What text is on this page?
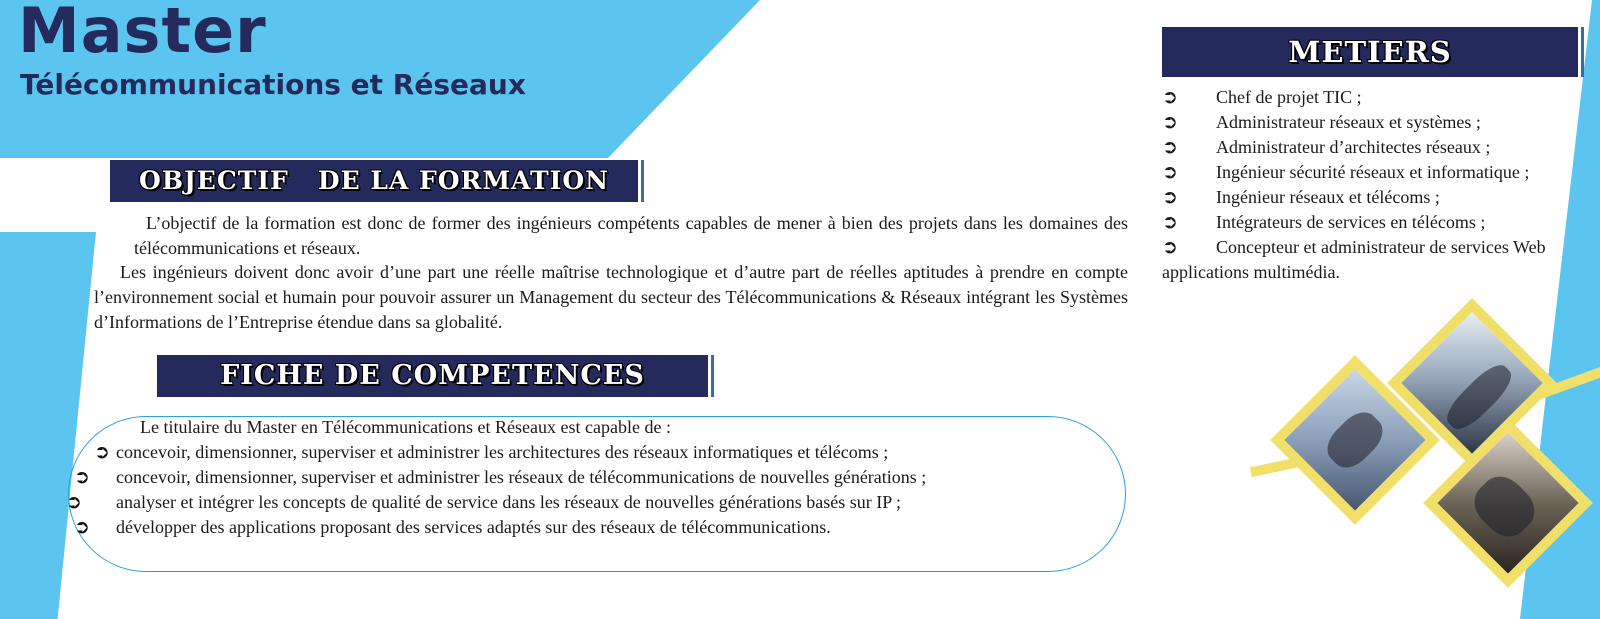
Master
Télécommunications et Réseaux
OBJECTIF   DE LA FORMATION

L’objectif de la formation est donc de former des ingénieurs compétents capables de mener à bien des projets dans les domaines des télécommunications et réseaux.

Les ingénieurs doivent donc avoir d’une part une réelle maîtrise technologique et d’autre part de réelles aptitudes à prendre en compte l’environnement social et humain pour pouvoir assurer un Management du secteur des Télécommunications & Réseaux intégrant les Systèmes d’Informations de l’Entreprise étendue dans sa globalité.

FICHE DE COMPETENCES

Le titulaire du Master en Télécommunications et Réseaux est capable de :

➲ concevoir, dimensionner, superviser et administrer les architectures des réseaux informatiques et télécoms ;
➲ concevoir, dimensionner, superviser et administrer les réseaux de télécommunications de nouvelles générations ;
➲ analyser et intégrer les concepts de qualité de service dans les réseaux de nouvelles générations basés sur IP ;
➲ développer des applications proposant des services adaptés sur des réseaux de télécommunications.
METIERS
➲ Chef de projet TIC ;
➲ Administrateur réseaux et systèmes ;
➲ Administrateur d’architectes réseaux ;
➲ Ingénieur sécurité réseaux et informatique ;
➲ Ingénieur réseaux et télécoms ;
➲ Intégrateurs de services en télécoms ;
➲ Concepteur et administrateur de services Web applications multimédia.
